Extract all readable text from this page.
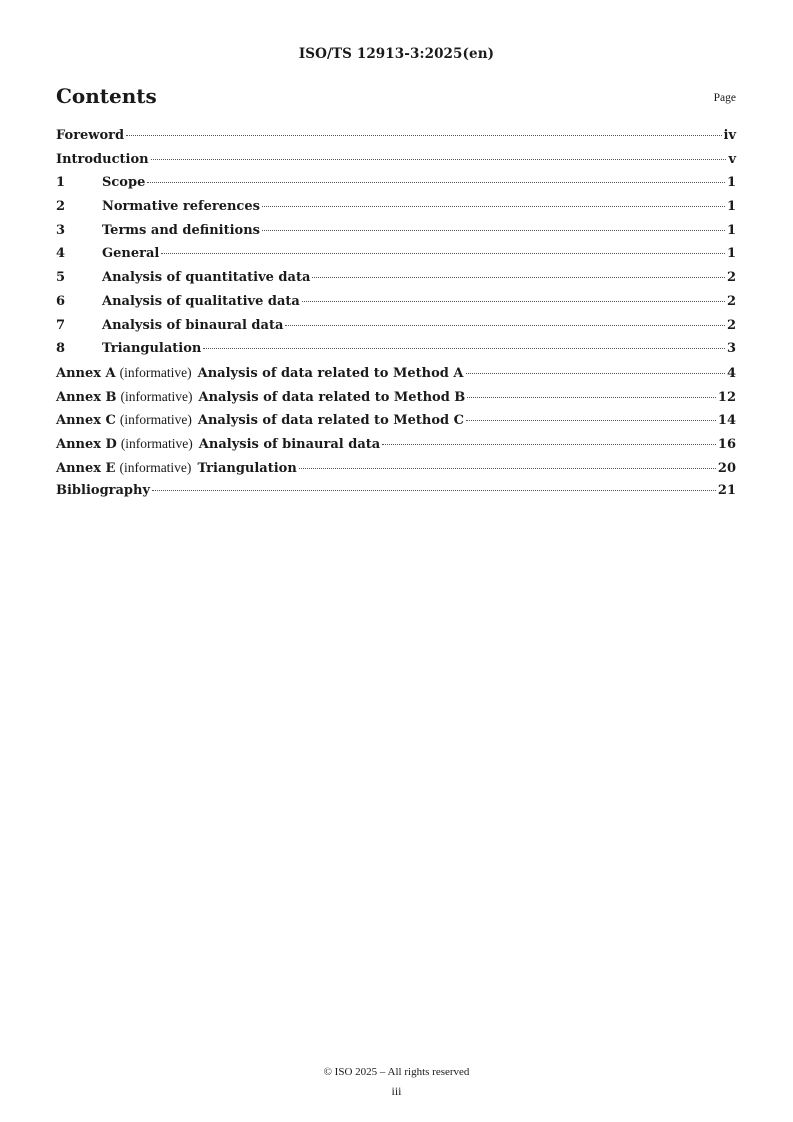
ISO/TS 12913-3:2025(en)
Contents	Page
Foreword	iv
Introduction	v
1	Scope	1
2	Normative references	1
3	Terms and definitions	1
4	General	1
5	Analysis of quantitative data	2
6	Analysis of qualitative data	2
7	Analysis of binaural data	2
8	Triangulation	3
Annex A (informative) Analysis of data related to Method A	4
Annex B (informative) Analysis of data related to Method B	12
Annex C (informative) Analysis of data related to Method C	14
Annex D (informative) Analysis of binaural data	16
Annex E (informative) Triangulation	20
Bibliography	21
© ISO 2025 – All rights reserved
iii
